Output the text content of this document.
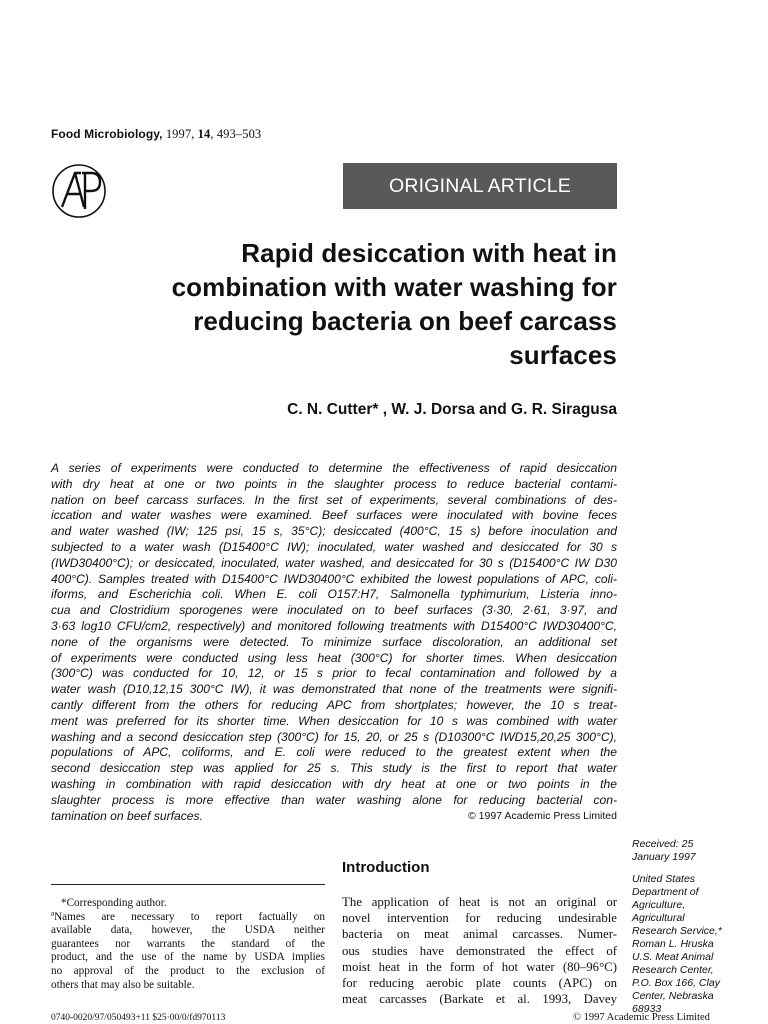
Food Microbiology, 1997, 14, 493–503
ORIGINAL ARTICLE
Rapid desiccation with heat in
combination with water washing for
reducing bacteria on beef carcass
surfaces
C. N. Cutter* , W. J. Dorsa and G. R. Siragusa
A series of experiments were conducted to determine the effectiveness of rapid desiccation
with dry heat at one or two points in the slaughter process to reduce bacterial contami-
nation on beef carcass surfaces. In the first set of experiments, several combinations of des-
iccation and water washes were examined. Beef surfaces were inoculated with bovine feces
and water washed (IW; 125 psi, 15 s, 35°C); desiccated (400°C, 15 s) before inoculation and
subjected to a water wash (D15400°C IW); inoculated, water washed and desiccated for 30 s
(IWD30400°C); or desiccated, inoculated, water washed, and desiccated for 30 s (D15400°C IW D30
400°C). Samples treated with D15400°C IWD30400°C exhibited the lowest populations of APC, coli-
iforms, and Escherichia coli. When E. coli O157:H7, Salmonella typhimurium, Listeria inno-
cua and Clostridium sporogenes were inoculated on to beef surfaces (3·30, 2·61, 3·97, and
3·63 log10 CFU/cm2, respectively) and monitored following treatments with D15400°C IWD30400°C,
none of the organisms were detected. To minimize surface discoloration, an additional set
of experiments were conducted using less heat (300°C) for shorter times. When desiccation
(300°C) was conducted for 10, 12, or 15 s prior to fecal contamination and followed by a
water wash (D10,12,15 300°C IW), it was demonstrated that none of the treatments were signifi-
cantly different from the others for reducing APC from shortplates; however, the 10 s treat-
ment was preferred for its shorter time. When desiccation for 10 s was combined with water
washing and a second desiccation step (300°C) for 15, 20, or 25 s (D10300°C IWD15,20,25 300°C),
populations of APC, coliforms, and E. coli were reduced to the greatest extent when the
second desiccation step was applied for 25 s. This study is the first to report that water
washing in combination with rapid desiccation with dry heat at one or two points in the
slaughter process is more effective than water washing alone for reducing bacterial con-
tamination on beef surfaces.	© 1997 Academic Press Limited
Received: 25
January 1997
United States
Department of
Agriculture,
Agricultural
Research Service,*
Roman L. Hruska
U.S. Meat Animal
Research Center,
P.O. Box 166, Clay
Center, Nebraska
68933
Introduction
*Corresponding author.
ªNames are necessary to report factually on
available data, however, the USDA neither
guarantees nor warrants the standard of the
product, and the use of the name by USDA implies
no approval of the product to the exclusion of
others that may also be suitable.
The application of heat is not an original or
novel intervention for reducing undesirable
bacteria on meat animal carcasses. Numer-
ous studies have demonstrated the effect of
moist heat in the form of hot water (80–96°C)
for reducing aerobic plate counts (APC) on
meat carcasses (Barkate et al. 1993, Davey
0740-0020/97/050493+11 $25·00/0/fd970113	© 1997 Academic Press Limited
